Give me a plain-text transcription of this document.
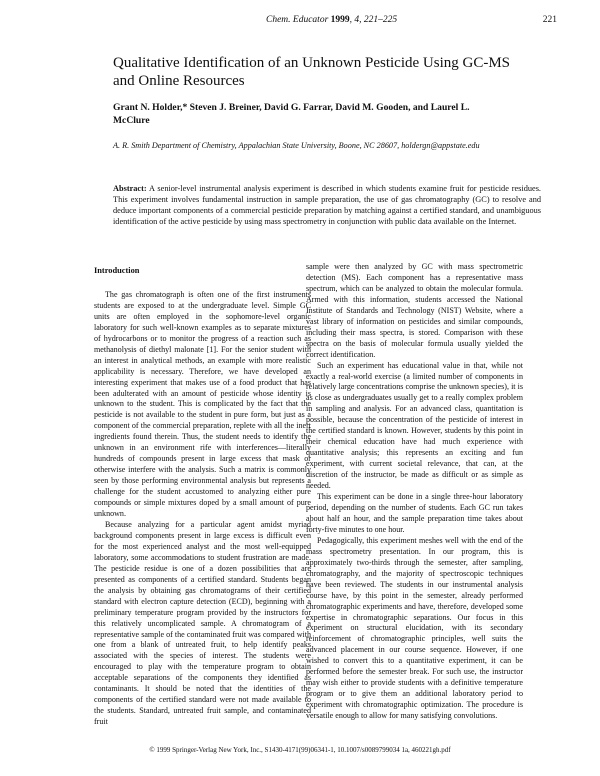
Chem. Educator 1999, 4, 221–225	221
Qualitative Identification of an Unknown Pesticide Using GC-MS and Online Resources
Grant N. Holder,* Steven J. Breiner, David G. Farrar, David M. Gooden, and Laurel L. McClure
A. R. Smith Department of Chemistry, Appalachian State University, Boone, NC 28607, holdergn@appstate.edu
Abstract: A senior-level instrumental analysis experiment is described in which students examine fruit for pesticide residues. This experiment involves fundamental instruction in sample preparation, the use of gas chromatography (GC) to resolve and deduce important components of a commercial pesticide preparation by matching against a certified standard, and unambiguous identification of the active pesticide by using mass spectrometry in conjunction with public data available on the Internet.
Introduction

The gas chromatograph is often one of the first instruments students are exposed to at the undergraduate level. Simple GC units are often employed in the sophomore-level organic laboratory for such well-known examples as to separate mixtures of hydrocarbons or to monitor the progress of a reaction such as methanolysis of diethyl malonate [1]. For the senior student with an interest in analytical methods, an example with more realistic applicability is necessary. Therefore, we have developed an interesting experiment that makes use of a food product that has been adulterated with an amount of pesticide whose identity is unknown to the student. This is complicated by the fact that the pesticide is not available to the student in pure form, but just as a component of the commercial preparation, replete with all the inert ingredients found therein. Thus, the student needs to identify the unknown in an environment rife with interferences—literally hundreds of compounds present in large excess that mask or otherwise interfere with the analysis. Such a matrix is commonly seen by those performing environmental analysis but represents a challenge for the student accustomed to analyzing either pure compounds or simple mixtures doped by a small amount of pure unknown.

Because analyzing for a particular agent amidst myriad background components present in large excess is difficult even for the most experienced analyst and the most well-equipped laboratory, some accommodations to student frustration are made. The pesticide residue is one of a dozen possibilities that are presented as components of a certified standard. Students began the analysis by obtaining gas chromatograms of their certified standard with electron capture detection (ECD), beginning with a preliminary temperature program provided by the instructors for this relatively uncomplicated sample. A chromatogram of a representative sample of the contaminated fruit was compared with one from a blank of untreated fruit, to help identify peaks associated with the species of interest. The students were encouraged to play with the temperature program to obtain acceptable separations of the components they identified as contaminants. It should be noted that the identities of the components of the certified standard were not made available to the students. Standard, untreated fruit sample, and contaminated fruit

sample were then analyzed by GC with mass spectrometric detection (MS). Each component has a representative mass spectrum, which can be analyzed to obtain the molecular formula. Armed with this information, students accessed the National Institute of Standards and Technology (NIST) Website, where a vast library of information on pesticides and similar compounds, including their mass spectra, is stored. Comparison with these spectra on the basis of molecular formula usually yielded the correct identification.

Such an experiment has educational value in that, while not exactly a real-world exercise (a limited number of components in relatively large concentrations comprise the unknown species), it is as close as undergraduates usually get to a really complex problem in sampling and analysis. For an advanced class, quantitation is possible, because the concentration of the pesticide of interest in the certified standard is known. However, students by this point in their chemical education have had much experience with quantitative analysis; this represents an exciting and fun experiment, with current societal relevance, that can, at the discretion of the instructor, be made as difficult or as simple as needed.

This experiment can be done in a single three-hour laboratory period, depending on the number of students. Each GC run takes about half an hour, and the sample preparation time takes about forty-five minutes to one hour.

Pedagogically, this experiment meshes well with the end of the mass spectrometry presentation. In our program, this is approximately two-thirds through the semester, after sampling, chromatography, and the majority of spectroscopic techniques have been reviewed. The students in our instrumental analysis course have, by this point in the semester, already performed chromatographic experiments and have, therefore, developed some expertise in chromatographic separations. Our focus in this experiment on structural elucidation, with its secondary reinforcement of chromatographic principles, well suits the advanced placement in our course sequence. However, if one wished to convert this to a quantitative experiment, it can be performed before the semester break. For such use, the instructor may wish either to provide students with a definitive temperature program or to give them an additional laboratory period to experiment with chromatographic optimization. The procedure is versatile enough to allow for many satisfying convolutions.

© 1999 Springer-Verlag New York, Inc., S1430-4171(99)06341-1, 10.1007/s0089799034 1a, 460221gh.pdf
